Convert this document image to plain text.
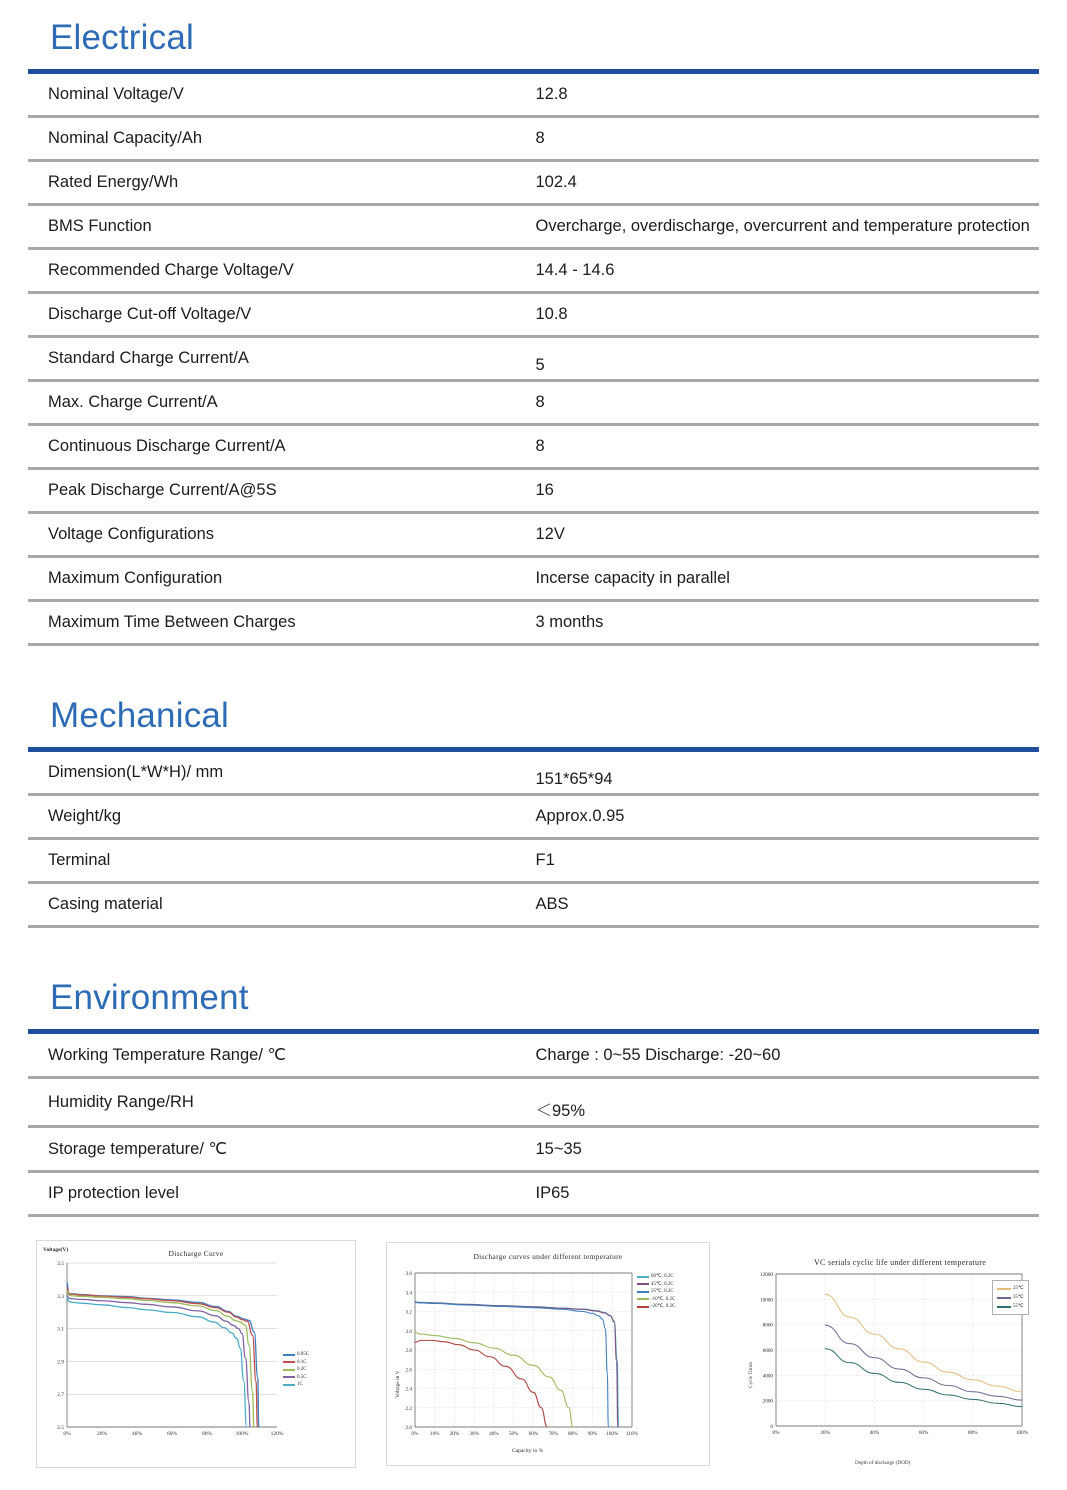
Electrical

Nominal Voltage/V	12.8
Nominal Capacity/Ah	8
Rated Energy/Wh	102.4
BMS Function	Overcharge, overdischarge, overcurrent and temperature protection
Recommended Charge Voltage/V	14.4 - 14.6
Discharge Cut-off Voltage/V	10.8
Standard Charge Current/A	5
Max. Charge Current/A	8
Continuous Discharge Current/A	8
Peak Discharge Current/A@5S	16
Voltage Configurations	12V
Maximum Configuration	Incerse capacity in parallel
Maximum Time Between Charges	3 months
Mechanical

Dimension(L*W*H)/ mm	151*65*94
Weight/kg	Approx.0.95
Terminal	F1
Casing material	ABS
Environment

Working Temperature Range/ ℃	Charge : 0~55 Discharge: -20~60
Humidity Range/RH	＜95%
Storage temperature/ ℃	15~35
IP protection level	IP65
Discharge Curve
Voltage(V)
3.5
3.3
3.1
2.9
2.7
2.5
0%	20%	40%	60%	80%	100%	120%
0.05C
0.1C
0.2C
0.5C
1C
Discharge curves under different temperature
Voltage in V
3.6
3.4
3.2
3.0
2.8
2.6
2.4
2.2
2.0
0% 10% 20% 30% 40% 50% 60% 70% 80% 90% 100% 110%
Capacity in %
60℃, 0.2C
45℃, 0.2C
25℃, 0.2C
-10℃, 0.2C
-20℃, 0.2C
VC serials cyclic life under different temperature
Cycle Times
12000
10000
8000
6000
4000
2000
0
0%	20%	40%	60%	80%	100%
Depth of discharge (DOD)
25℃
35℃
55℃
